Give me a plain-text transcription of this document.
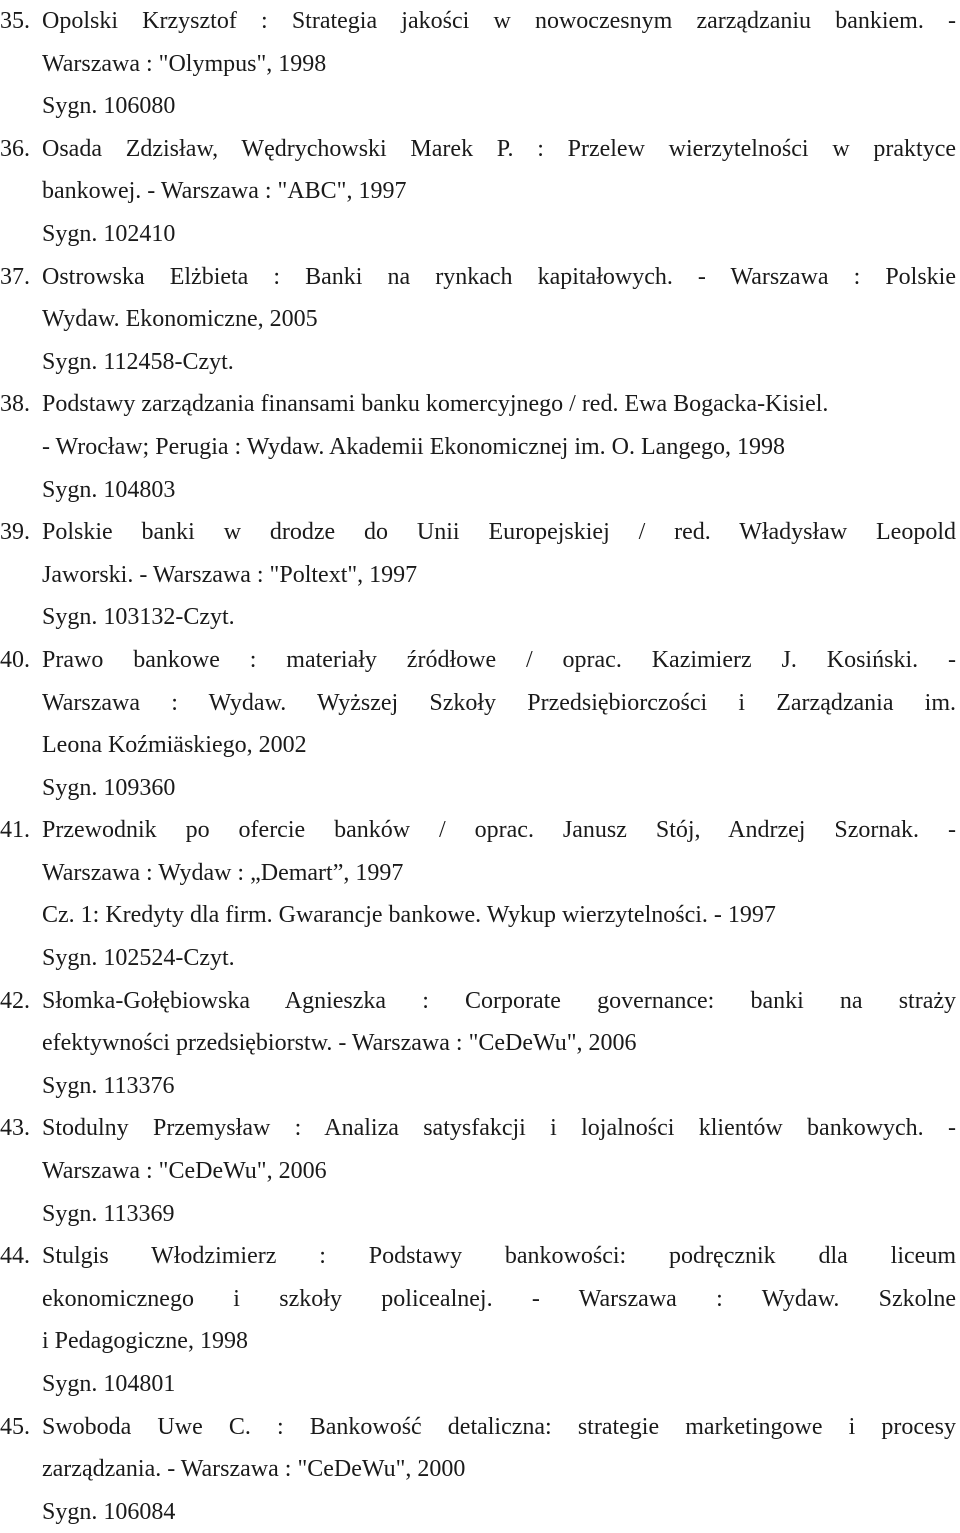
35. Opolski Krzysztof : Strategia jakości w nowoczesnym zarządzaniu bankiem. -
Warszawa : "Olympus", 1998
Sygn. 106080
36. Osada Zdzisław, Wędrychowski Marek P. : Przelew wierzytelności w praktyce
bankowej. - Warszawa : "ABC", 1997
Sygn. 102410
37. Ostrowska Elżbieta : Banki na rynkach kapitałowych. - Warszawa : Polskie
Wydaw. Ekonomiczne, 2005
Sygn. 112458-Czyt.
38. Podstawy zarządzania finansami banku komercyjnego / red. Ewa Bogacka-Kisiel.
- Wrocław; Perugia : Wydaw. Akademii Ekonomicznej im. O. Langego, 1998
Sygn. 104803
39. Polskie banki w drodze do Unii Europejskiej / red. Władysław Leopold
Jaworski. - Warszawa : "Poltext", 1997
Sygn. 103132-Czyt.
40. Prawo bankowe : materiały źródłowe / oprac. Kazimierz J. Kosiński. -
Warszawa : Wydaw. Wyższej Szkoły Przedsiębiorczości i Zarządzania im.
Leona Koźmiäskiego, 2002
Sygn. 109360
41. Przewodnik po ofercie banków / oprac. Janusz Stój, Andrzej Szornak. -
Warszawa : Wydaw : „Demart”, 1997
Cz. 1: Kredyty dla firm. Gwarancje bankowe. Wykup wierzytelności. - 1997
Sygn. 102524-Czyt.
42. Słomka-Gołębiowska Agnieszka : Corporate governance: banki na straży
efektywności przedsiębiorstw. - Warszawa : "CeDeWu", 2006
Sygn. 113376
43. Stodulny Przemysław : Analiza satysfakcji i lojalności klientów bankowych. -
Warszawa : "CeDeWu", 2006
Sygn. 113369
44. Stulgis Włodzimierz : Podstawy bankowości: podręcznik dla liceum
ekonomicznego i szkoły policealnej. - Warszawa : Wydaw. Szkolne
i Pedagogiczne, 1998
Sygn. 104801
45. Swoboda Uwe C. : Bankowość detaliczna: strategie marketingowe i procesy
zarządzania. - Warszawa : "CeDeWu", 2000
Sygn. 106084
